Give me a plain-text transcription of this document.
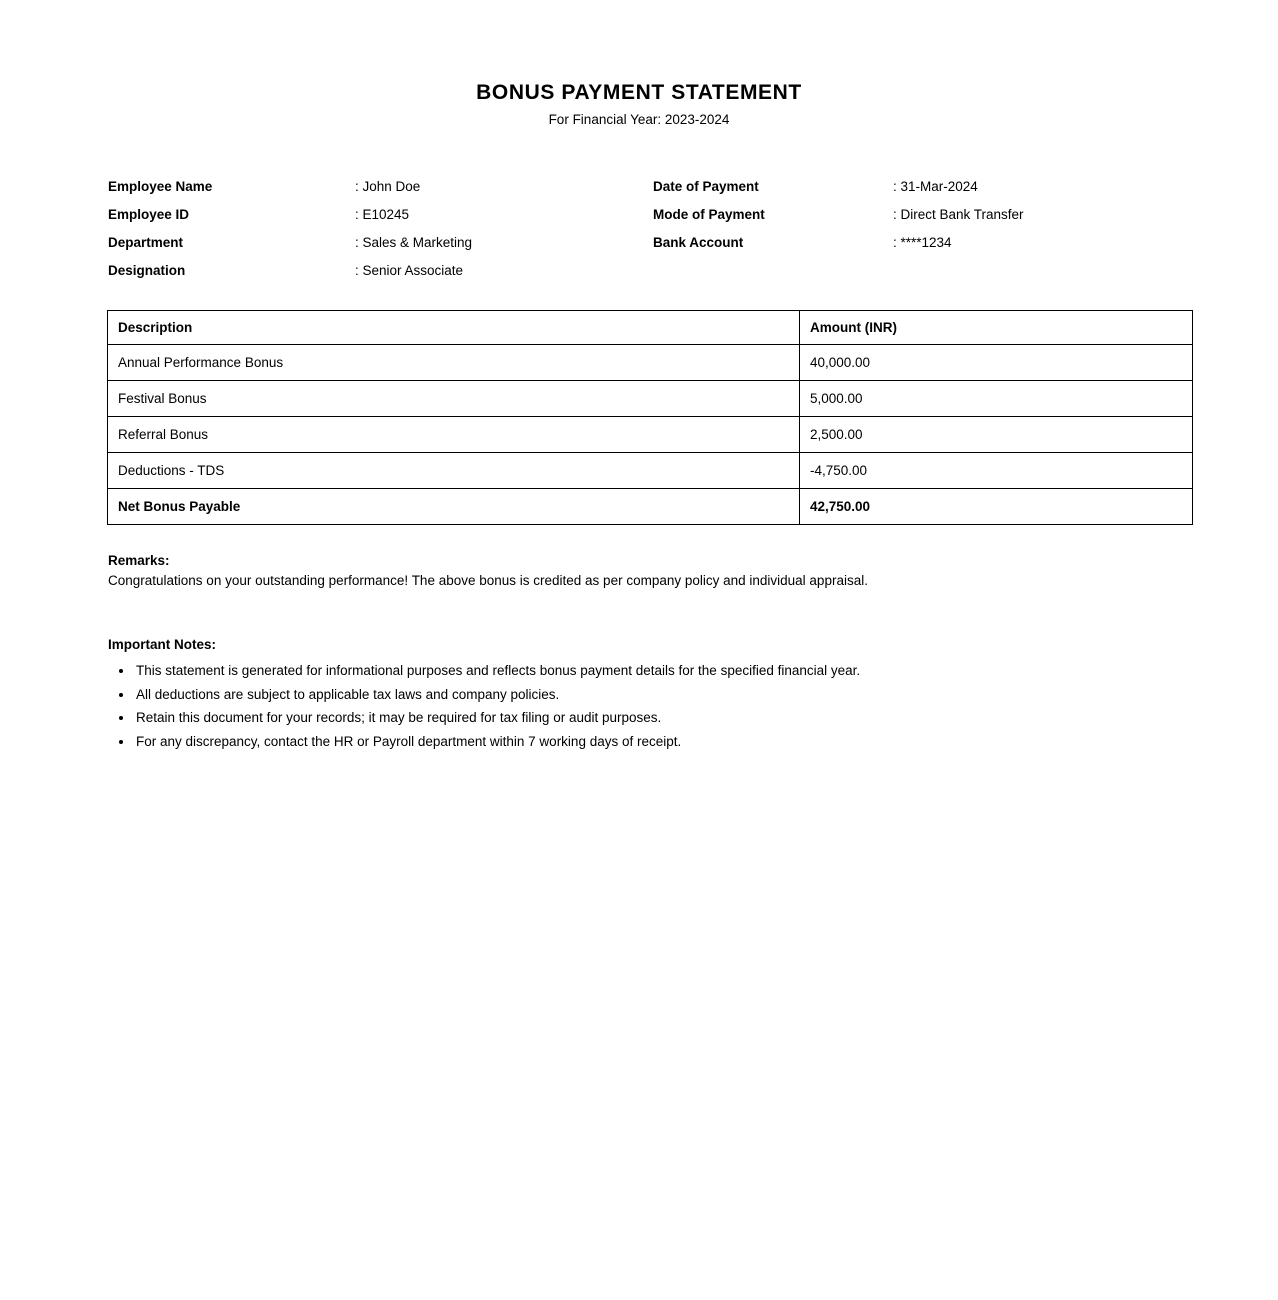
BONUS PAYMENT STATEMENT
For Financial Year: 2023-2024
Employee Name	: John Doe
Employee ID	: E10245
Department	: Sales & Marketing
Designation	: Senior Associate
Date of Payment	: 31-Mar-2024
Mode of Payment	: Direct Bank Transfer
Bank Account	: ****1234
Description	Amount (INR)
Annual Performance Bonus	40,000.00
Festival Bonus	5,000.00
Referral Bonus	2,500.00
Deductions - TDS	-4,750.00
Net Bonus Payable	42,750.00
Remarks:
Congratulations on your outstanding performance! The above bonus is credited as per company policy and individual appraisal.
Important Notes:
• This statement is generated for informational purposes and reflects bonus payment details for the specified financial year.
• All deductions are subject to applicable tax laws and company policies.
• Retain this document for your records; it may be required for tax filing or audit purposes.
• For any discrepancy, contact the HR or Payroll department within 7 working days of receipt.
